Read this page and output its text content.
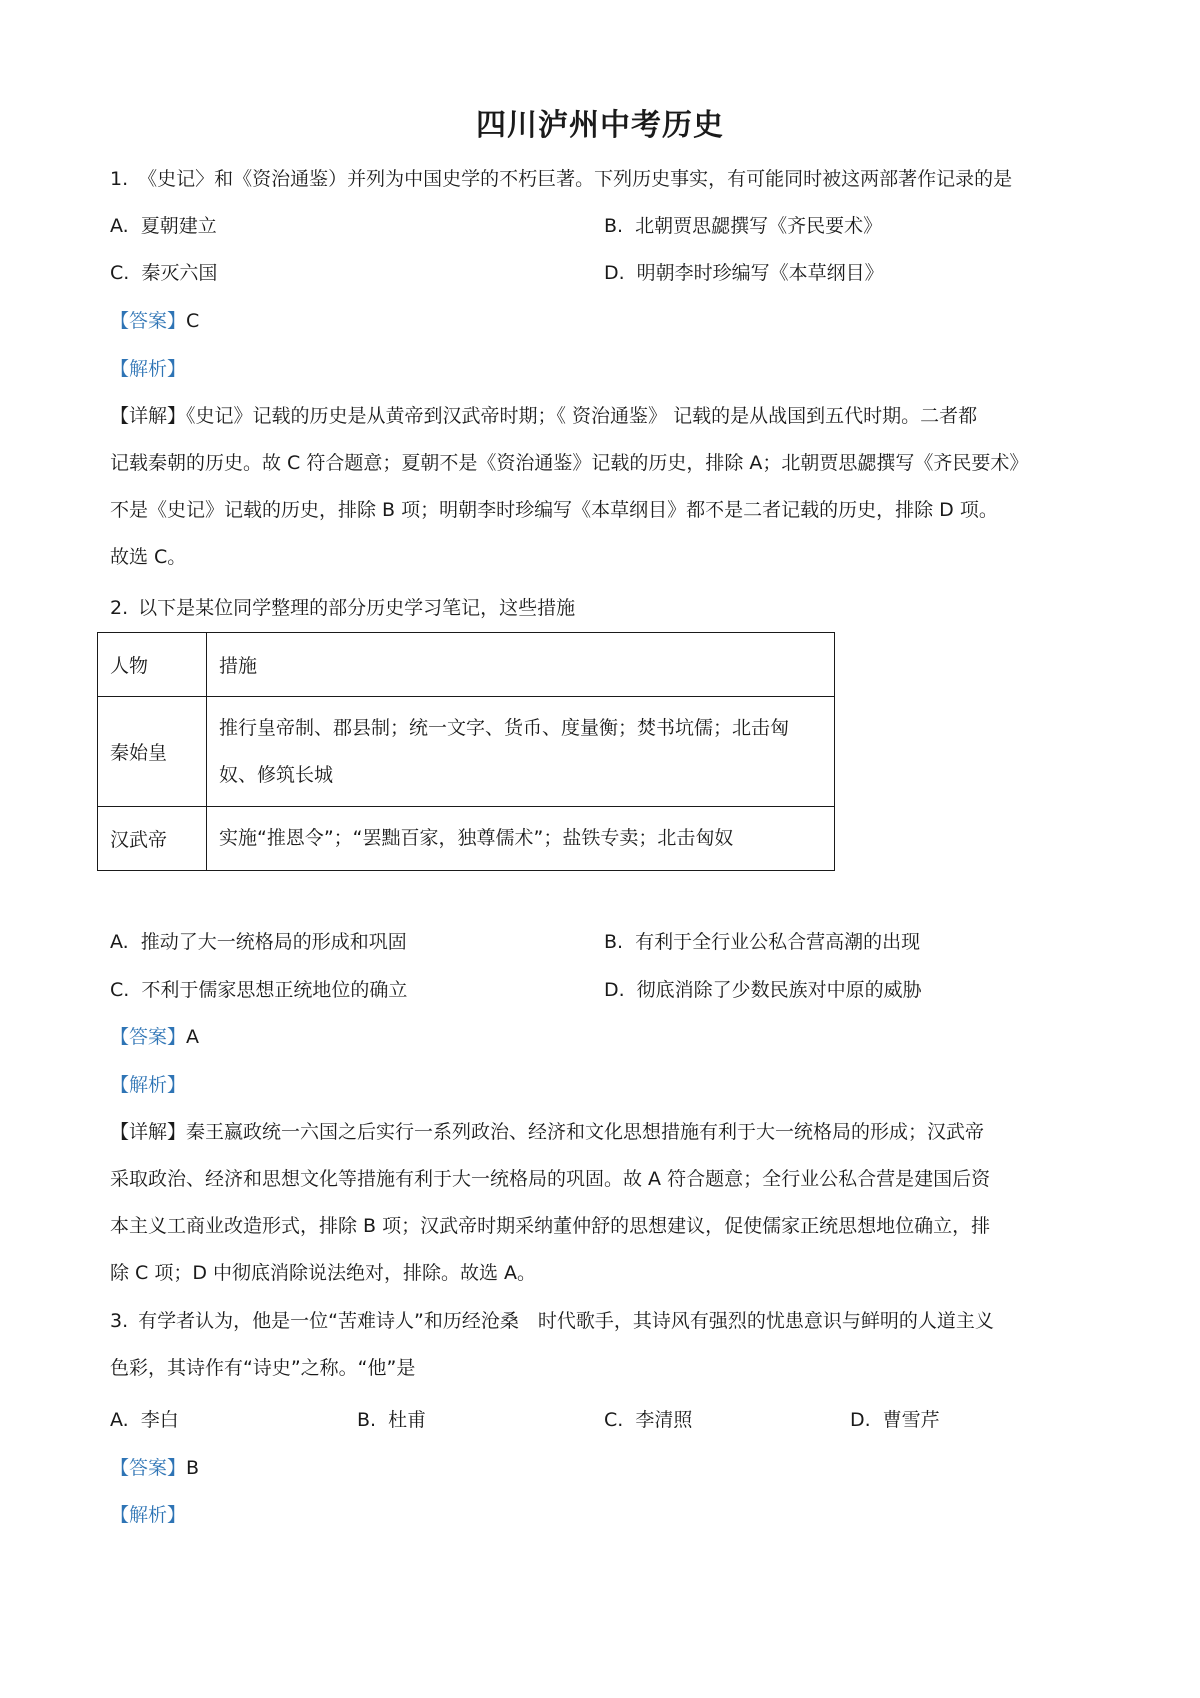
四川泸州中考历史
1. 《史记〉和《资治通鉴）并列为中国史学的不朽巨著。下列历史事实，有可能同时被这两部著作记录的是
A. 夏朝建立	B. 北朝贾思勰撰写《齐民要术》
C. 秦灭六国	D. 明朝李时珍编写《本草纲目》
【答案】C
【解析】
【详解】《史记》记载的历史是从黄帝到汉武帝时期；《 资治通鉴》 记载的是从战国到五代时期。二者都
记载秦朝的历史。故 C 符合题意；夏朝不是《资治通鉴》记载的历史，排除 A；北朝贾思勰撰写《齐民要术》
不是《史记》记载的历史，排除 B 项；明朝李时珍编写《本草纲目》都不是二者记载的历史，排除 D 项。
故选 C。
2. 以下是某位同学整理的部分历史学习笔记，这些措施
人物	措施
秦始皇	推行皇帝制、郡县制；统一文字、货币、度量衡；焚书坑儒；北击匈
奴、修筑长城

汉武帝	实施“推恩令”；“罢黜百家，独尊儒术”；盐铁专卖；北击匈奴
A. 推动了大一统格局的形成和巩固	B. 有利于全行业公私合营高潮的出现
C. 不利于儒家思想正统地位的确立	D. 彻底消除了少数民族对中原的威胁
【答案】A
【解析】
【详解】秦王嬴政统一六国之后实行一系列政治、经济和文化思想措施有利于大一统格局的形成；汉武帝
采取政治、经济和思想文化等措施有利于大一统格局的巩固。故 A 符合题意；全行业公私合营是建国后资
本主义工商业改造形式，排除 B 项；汉武帝时期采纳董仲舒的思想建议，促使儒家正统思想地位确立，排
除 C 项；D 中彻底消除说法绝对，排除。故选 A。
3. 有学者认为，他是一位“苦难诗人”和历经沧桑　时代歌手，其诗风有强烈的忧患意识与鲜明的人道主义
色彩，其诗作有“诗史”之称。“他”是
A. 李白	B. 杜甫	C. 李清照	D. 曹雪芹
【答案】B
【解析】
